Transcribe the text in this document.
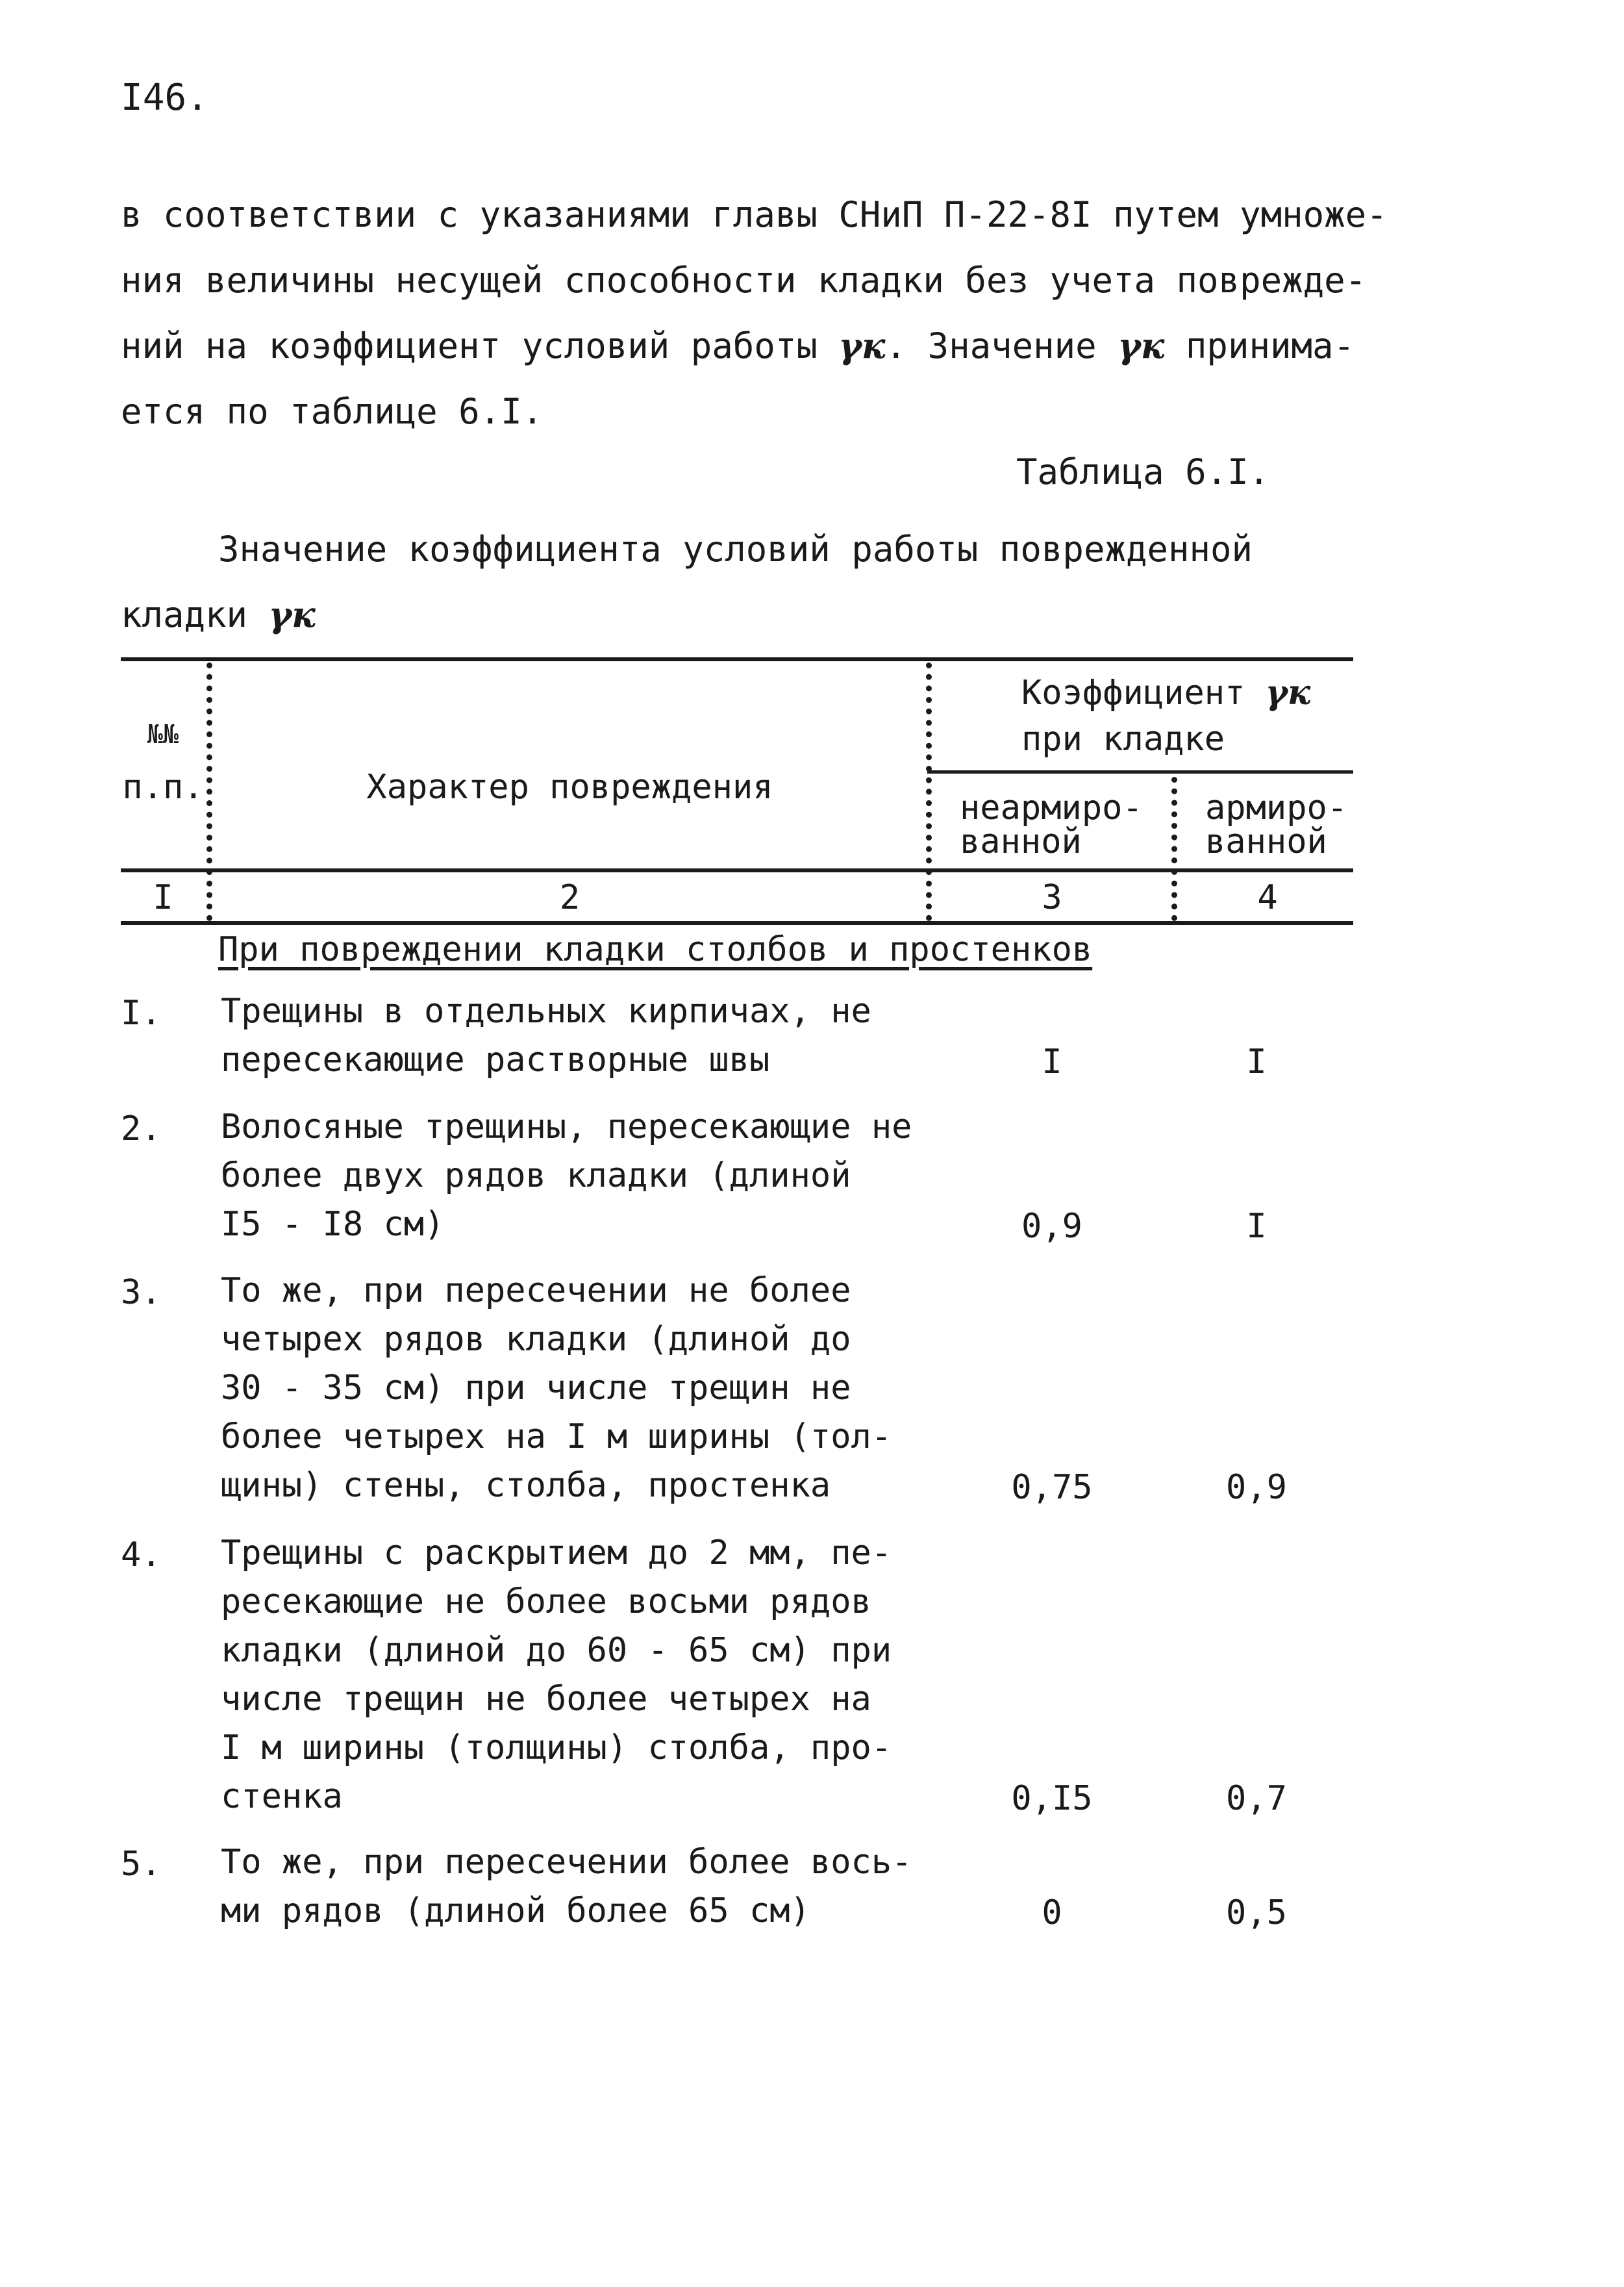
I46.
в соответствии с указаниями главы СНиП П-22-8I путем умноже-
ния величины несущей способности кладки без учета поврежде-
ний на коэффициент условий работы γк. Значение γк принима-
ется по таблице 6.I.
Таблица 6.I.
Значение коэффициента условий работы поврежденной
кладки γк
№№
п.п.	Характер повреждения
Коэффициент γк
при кладке
неармиро-
ванной
армиро-
ванной
I	2	3	4
При повреждении кладки столбов и простенков
I. Трещины в отдельных кирпичах, не
пересекающие растворные швы	I	I
2. Волосяные трещины, пересекающие не
более двух рядов кладки (длиной
I5 - I8 см)	0,9	I
3. То же, при пересечении не более
четырех рядов кладки (длиной до
30 - 35 см) при числе трещин не
более четырех на I м ширины (тол-
щины) стены, столба, простенка	0,75	0,9
4. Трещины с раскрытием до 2 мм, пе-
ресекающие не более восьми рядов
кладки (длиной до 60 - 65 см) при
числе трещин не более четырех на
I м ширины (толщины) столба, про-
стенка	0,I5	0,7
5. То же, при пересечении более вось-
ми рядов (длиной более 65 см)	0	0,5
